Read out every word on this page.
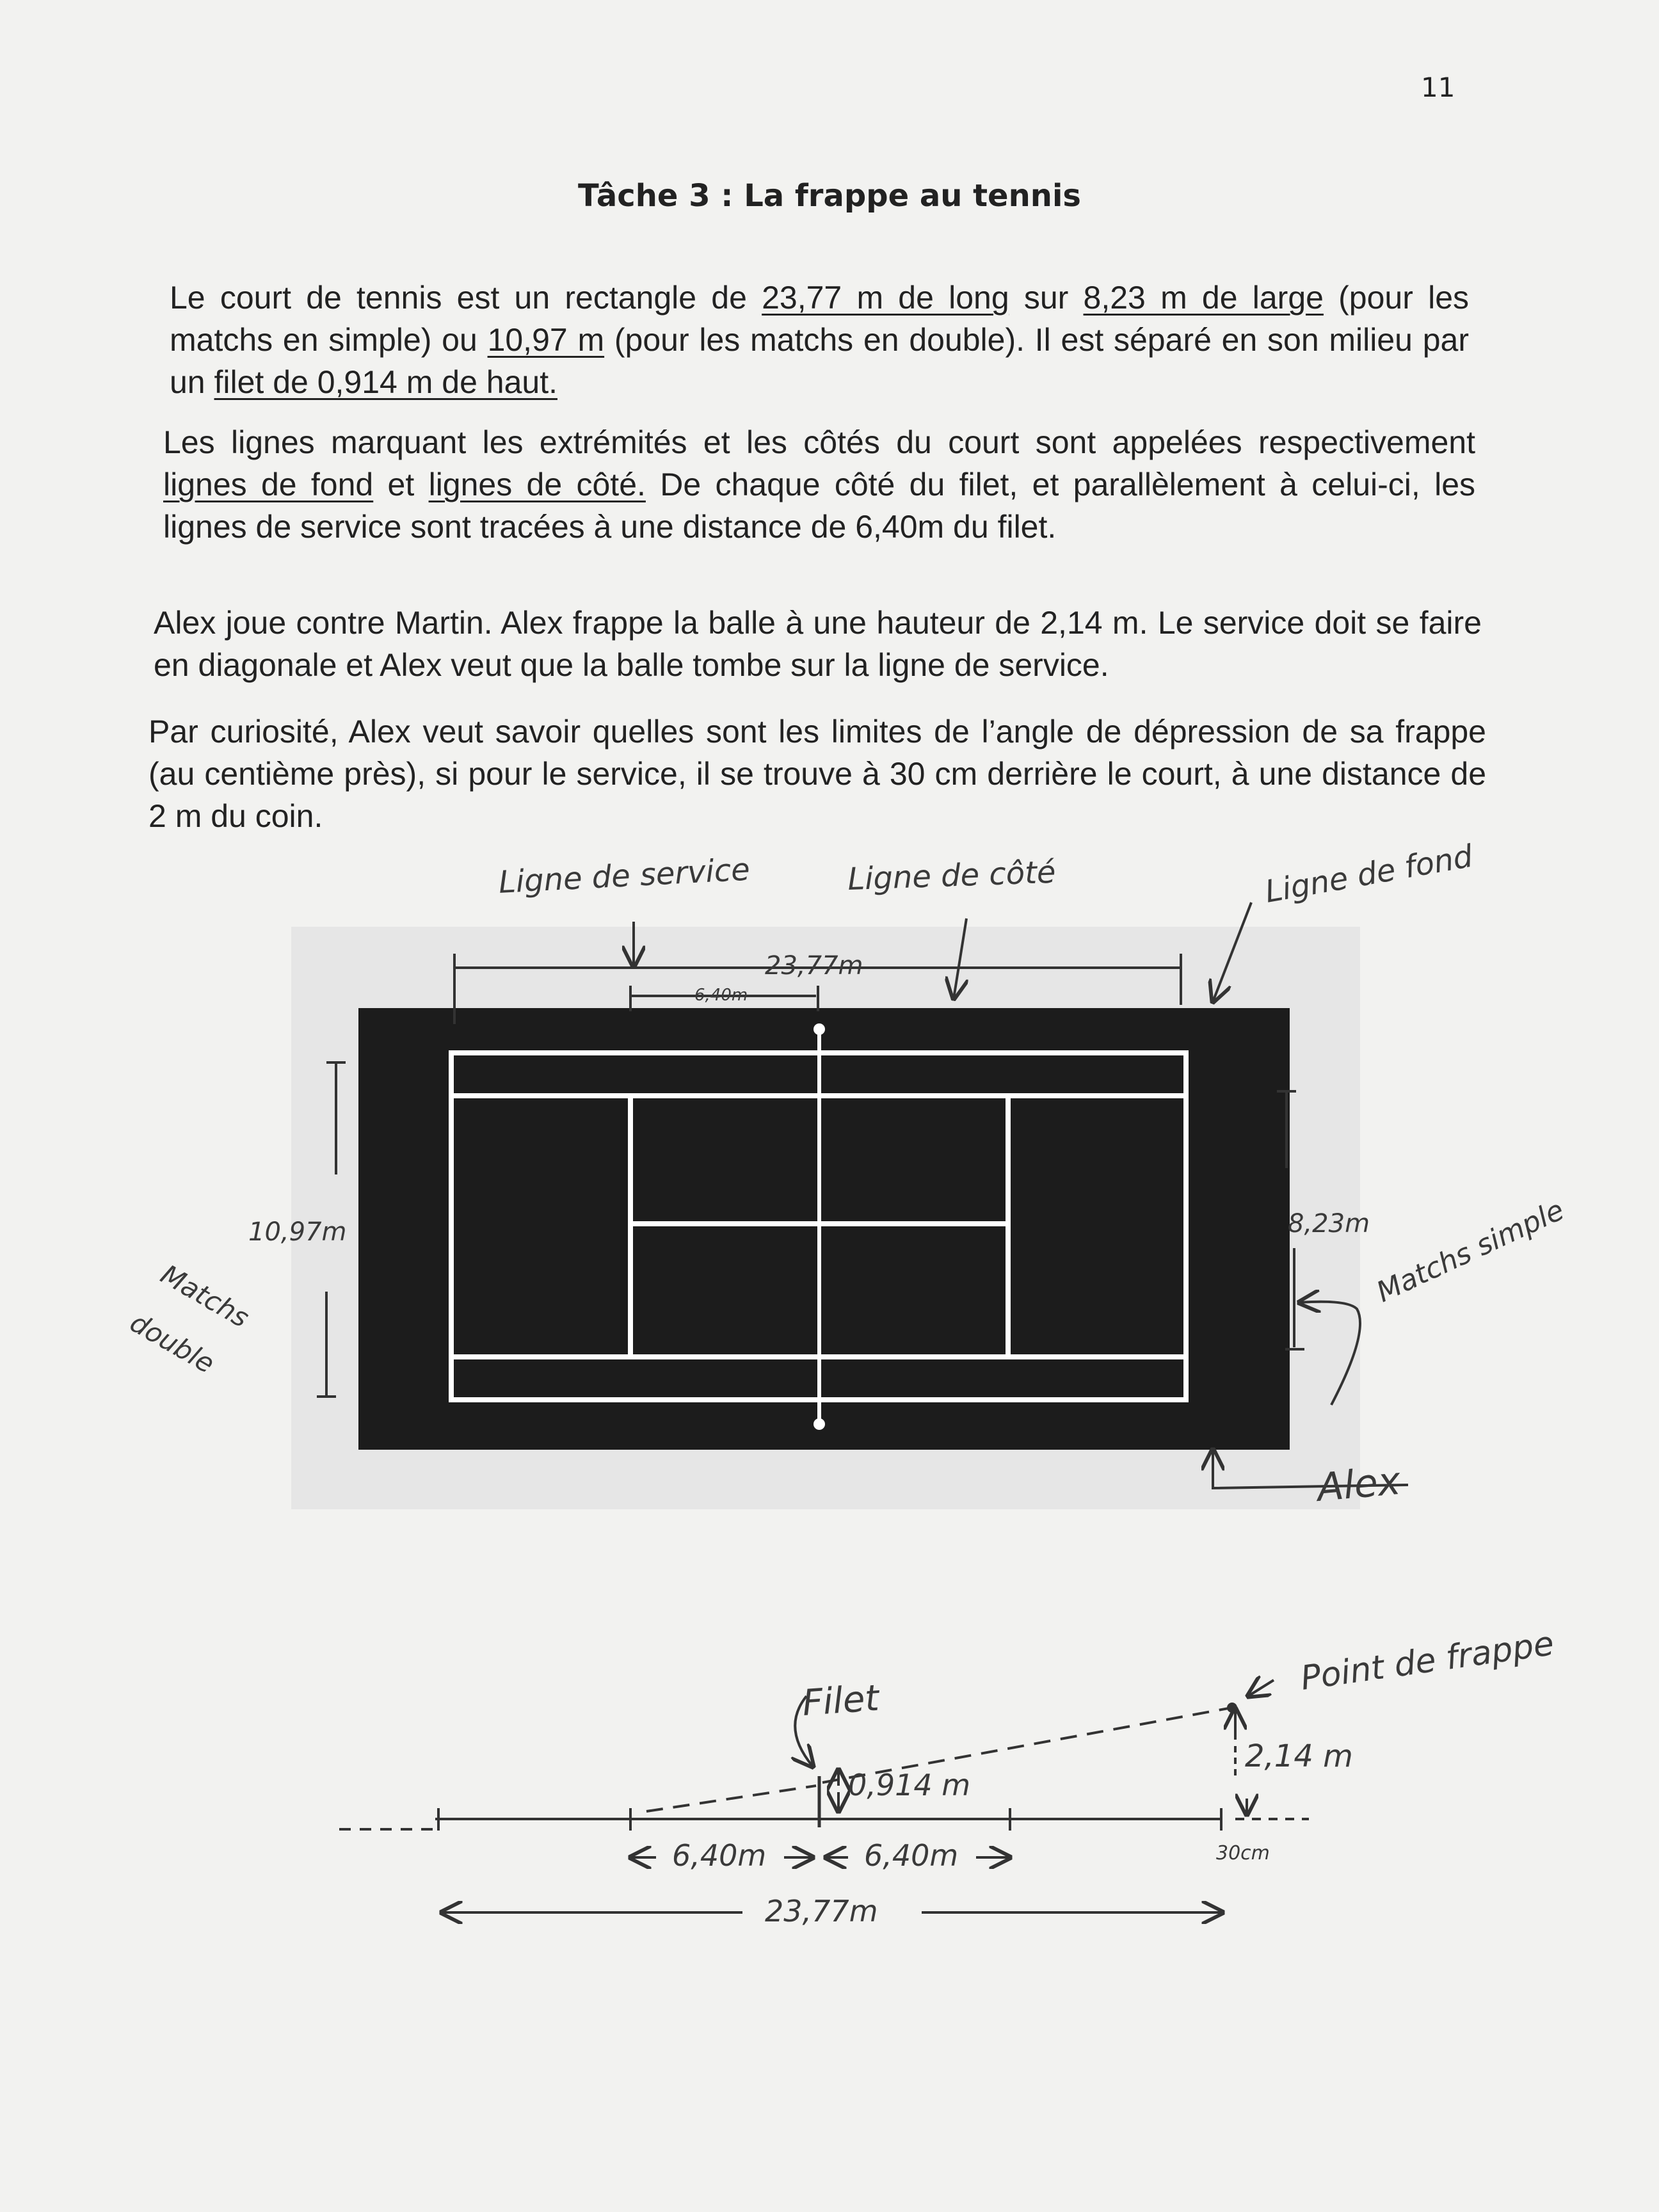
11
Tâche 3 : La frappe au tennis

Le court de tennis est un rectangle de 23,77 m de long sur 8,23 m de large (pour les matchs en simple) ou 10,97 m (pour les matchs en double). Il est séparé en son milieu par un filet de 0,914 m de haut.

Les lignes marquant les extrémités et les côtés du court sont appelées respectivement lignes de fond et lignes de côté. De chaque côté du filet, et parallèlement à celui-ci, les lignes de service sont tracées à une distance de 6,40m du filet.

Alex joue contre Martin. Alex frappe la balle à une hauteur de 2,14 m. Le service doit se faire en diagonale et Alex veut que la balle tombe sur la ligne de service.

Par curiosité, Alex veut savoir quelles sont les limites de l’angle de dépression de sa frappe (au centième près), si pour le service, il se trouve à 30 cm derrière le court, à une distance de 2 m du coin.

Ligne de service	Ligne de côté	Ligne de fond
23,77m
6,40m
10,97m	8,23m
Matchs
double
Matchs simple
Alex
Filet
0,914 m
Point de frappe
2,14 m
6,40m	6,40m
23,77m
30cm
